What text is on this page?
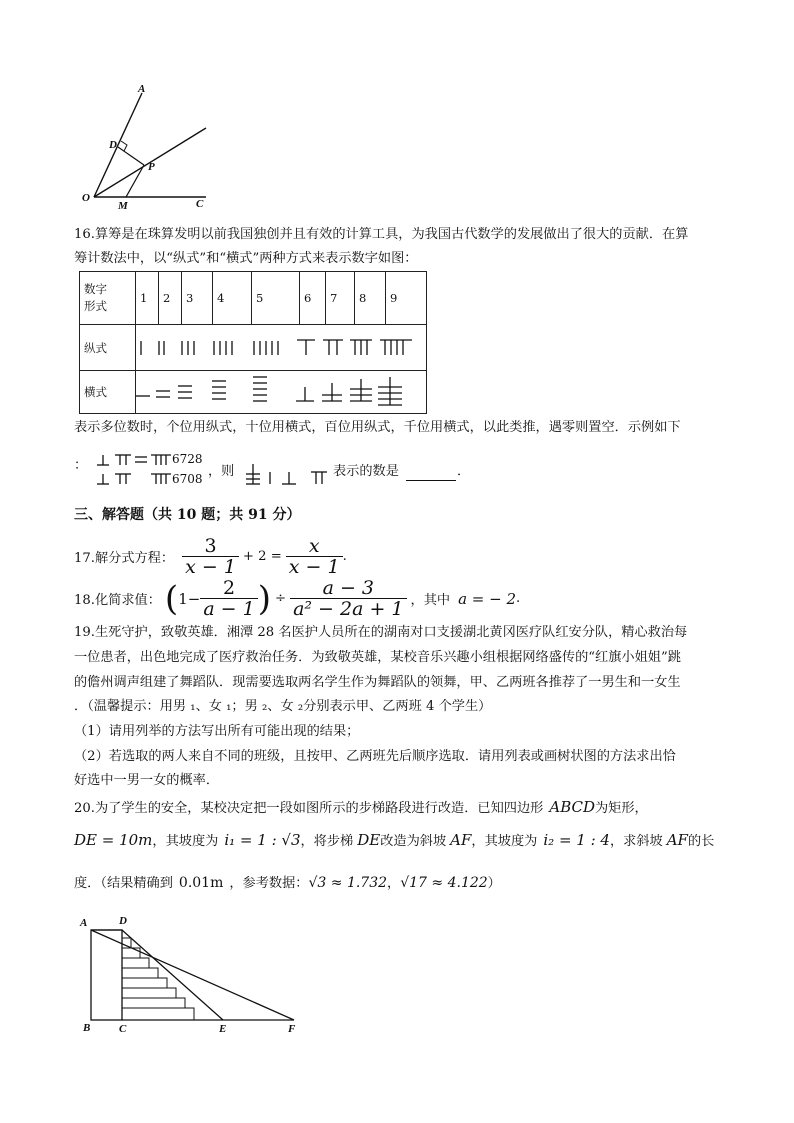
A
D
P
O
M	C
16.算筹是在珠算发明以前我国独创并且有效的计算工具，为我国古代数学的发展做出了很大的贡献．在算
筹计数法中，以“纵式”和“横式”两种方式来表示数字如图：
数字
形式	1	2	3	4	5	6	7	8	9
纵式									
横式									
表示多位数时，个位用纵式，十位用横式，百位用纵式，千位用横式，以此类推，遇零则置空．示例如下
：	6728
6708 ，则	表示的数是	．
三、解答题（共 10 题；共 91 分）
17.解分式方程： $\frac{3}{x - 1} + 2 = \frac{x}{x - 1}$ .
18.化简求值： ( $1- \frac{2}{a - 1}$ ) ÷ $\frac{a - 3}{\text{a² − 2a + 1}}$ ，其中 a = − 2 .
19.生死守护，致敬英雄．湘潭 28 名医护人员所在的湖南对口支援湖北黄冈医疗队红安分队，精心救治每
一位患者，出色地完成了医疗救治任务．为致敬英雄，某校音乐兴趣小组根据网络盛传的“红旗小姐姐”跳
的儋州调声组建了舞蹈队．现需要选取两名学生作为舞蹈队的领舞，甲、乙两班各推荐了一男生和一女生
．（温馨提示：用男 ₁、女 ₁；男 ₂、女 ₂分别表示甲、乙两班 4 个学生）
（1）请用列举的方法写出所有可能出现的结果；
（2）若选取的两人来自不同的班级，且按甲、乙两班先后顺序选取．请用列表或画树状图的方法求出恰
好选中一男一女的概率．
20.为了学生的安全，某校决定把一段如图所示的步梯路段进行改造．已知四边形 ABCD为矩形，
DE = 10m，其坡度为 i₁ = 1 : √3，将步梯 DE改造为斜坡 AF，其坡度为 i₂ = 1 : 4，求斜坡 AF的长
度．（结果精确到 0.01m ，参考数据：√3 ≈ 1.732，√17 ≈ 4.122）
A	D
B	C	E	F
